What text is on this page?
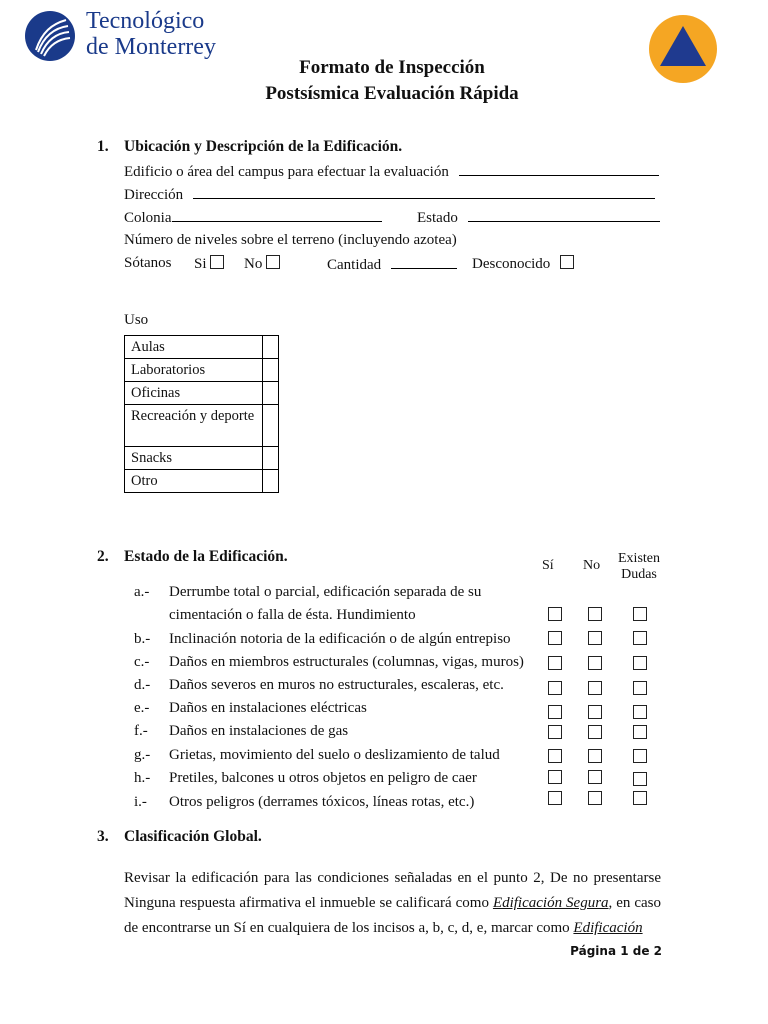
Tecnológico
de Monterrey
Formato de Inspección
Postsísmica Evaluación Rápida
1. Ubicación y Descripción de la Edificación.
Edificio o área del campus para efectuar la evaluación
Dirección
Colonia	Estado
Número de niveles sobre el terreno (incluyendo azotea)
Sótanos Si	No	Cantidad	Desconocido
Uso
Aulas	
Laboratorios	
Oficinas	
Recreación y deporte	
Snacks	
Otro	
2. Estado de la Edificación.
Sí No	Existen
Dudas
a.- Derrumbe total o parcial, edificación separada de su
cimentación o falla de ésta. Hundimiento
b.- Inclinación notoria de la edificación o de algún entrepiso
c.- Daños en miembros estructurales (columnas, vigas, muros)
d.- Daños severos en muros no estructurales, escaleras, etc.
e.- Daños en instalaciones eléctricas
f.- Daños en instalaciones de gas
g.- Grietas, movimiento del suelo o deslizamiento de talud
h.- Pretiles, balcones u otros objetos en peligro de caer
i.- Otros peligros (derrames tóxicos, líneas rotas, etc.)
3. Clasificación Global.
Revisar la edificación para las condiciones señaladas en el punto 2, De no presentarse Ninguna respuesta afirmativa el inmueble se calificará como Edificación Segura, en caso de encontrarse un Sí en cualquiera de los incisos a, b, c, d, e, marcar como Edificación
Página 1 de 2
